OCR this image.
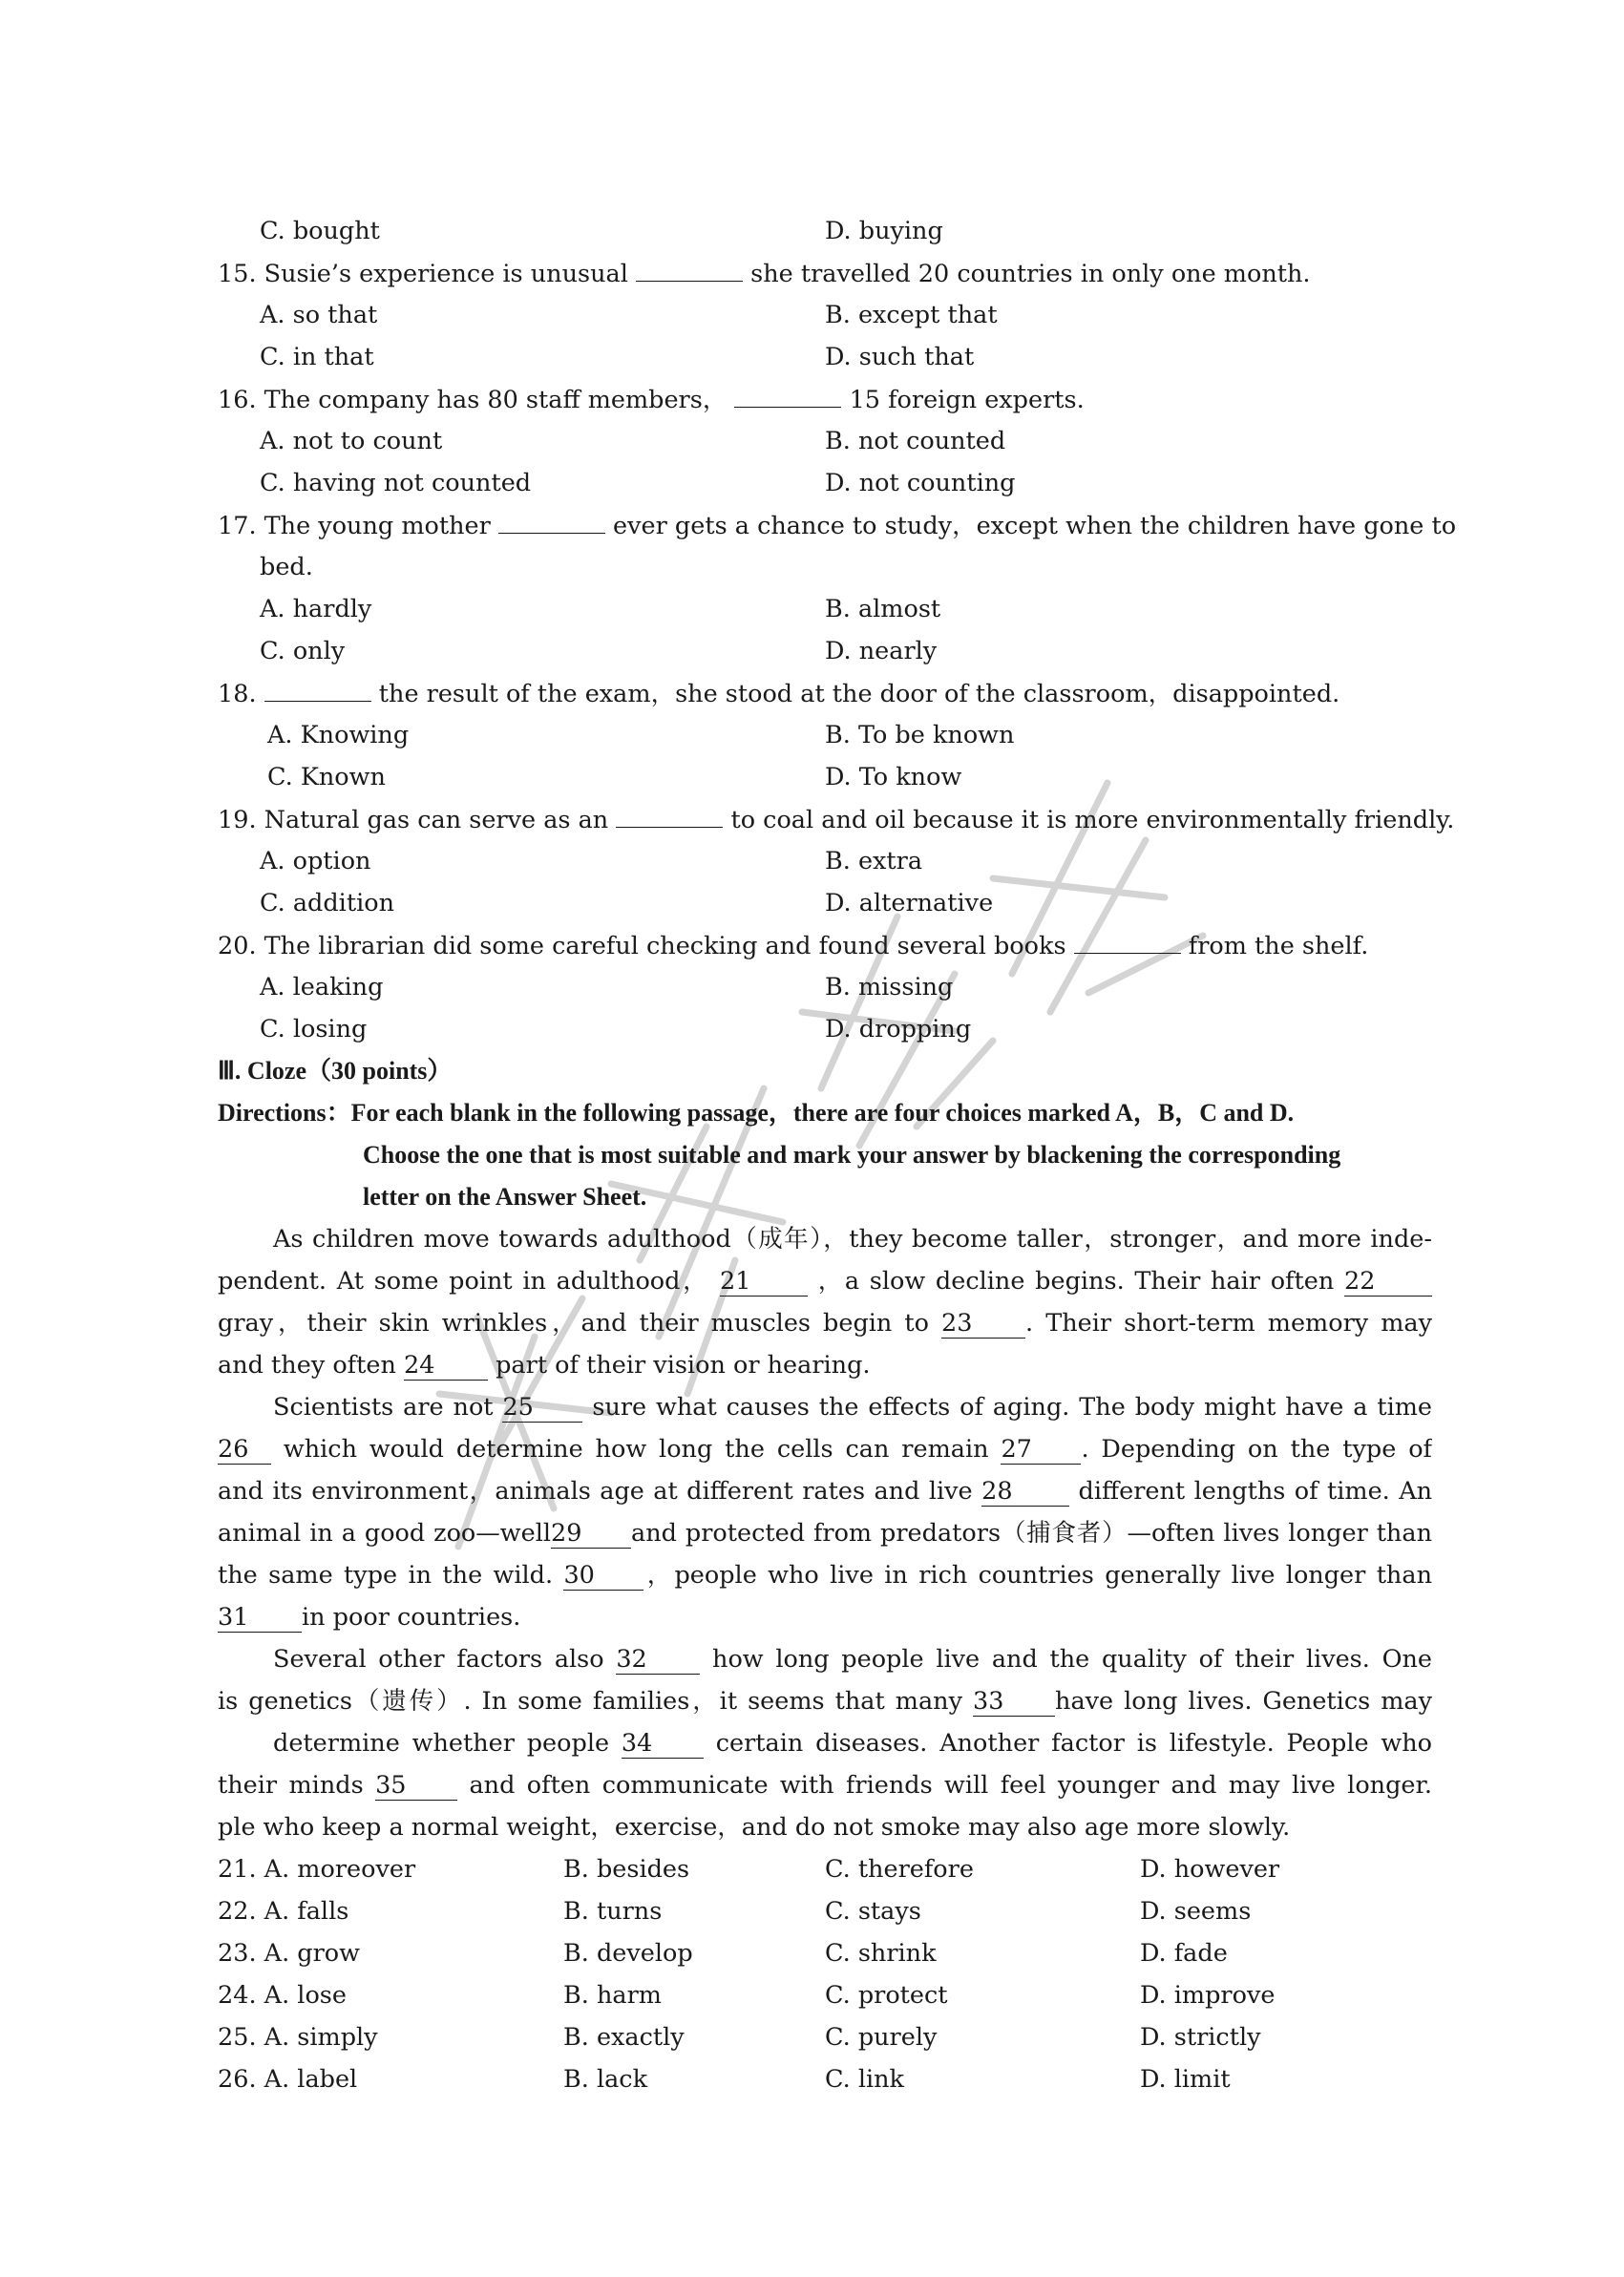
C. bought	D. buying
15. Susie’s experience is unusual	she travelled 20 countries in only one month.
A. so that	B. except that
C. in that	D. such that
16. The company has 80 staff members，	15 foreign experts.
A. not to count	B. not counted
C. having not counted	D. not counting
17. The young mother	ever gets a chance to study，except when the children have gone to
bed.
A. hardly	B. almost
C. only	D. nearly
18.	the result of the exam，she stood at the door of the classroom，disappointed.
A. Knowing	B. To be known
C. Known	D. To know
19. Natural gas can serve as an	to coal and oil because it is more environmentally friendly.
A. option	B. extra
C. addition	D. alternative
20. The librarian did some careful checking and found several books	from the shelf.
A. leaking	B. missing
C. losing	D. dropping
Ⅲ. Cloze（30 points）
Directions：For each blank in the following passage，there are four choices marked A，B，C and D.
Choose the one that is most suitable and mark your answer by blackening the corresponding
letter on the Answer Sheet.
As children move towards adulthood（成年），they become taller，stronger，and more inde-
pendent. At some point in adulthood， 21	，a slow decline begins. Their hair often 22
gray，their skin wrinkles，and their muscles begin to 23 . Their short-term memory may
and they often 24 part of their vision or hearing.
Scientists are not 25 sure what causes the effects of aging. The body might have a time
26 which would determine how long the cells can remain 27 . Depending on the type of
and its environment，animals age at different rates and live 28	different lengths of time. An
animal in a good zoo—well29 and protected from predators（捕食者）—often lives longer than
the same type in the wild. 30 ，people who live in rich countries generally live longer than
31 in poor countries.
Several other factors also 32	how long people live and the quality of their lives. One
is genetics（遗传）. In some families，it seems that many 33 have long lives. Genetics may
determine whether people 34	certain diseases. Another factor is lifestyle. People who
their minds 35	and often communicate with friends will feel younger and may live longer.
ple who keep a normal weight，exercise，and do not smoke may also age more slowly.
21. A. moreover	B. besides	C. therefore	D. however
22. A. falls	B. turns	C. stays	D. seems
23. A. grow	B. develop	C. shrink	D. fade
24. A. lose	B. harm	C. protect	D. improve
25. A. simply	B. exactly	C. purely	D. strictly
26. A. label	B. lack	C. link	D. limit
